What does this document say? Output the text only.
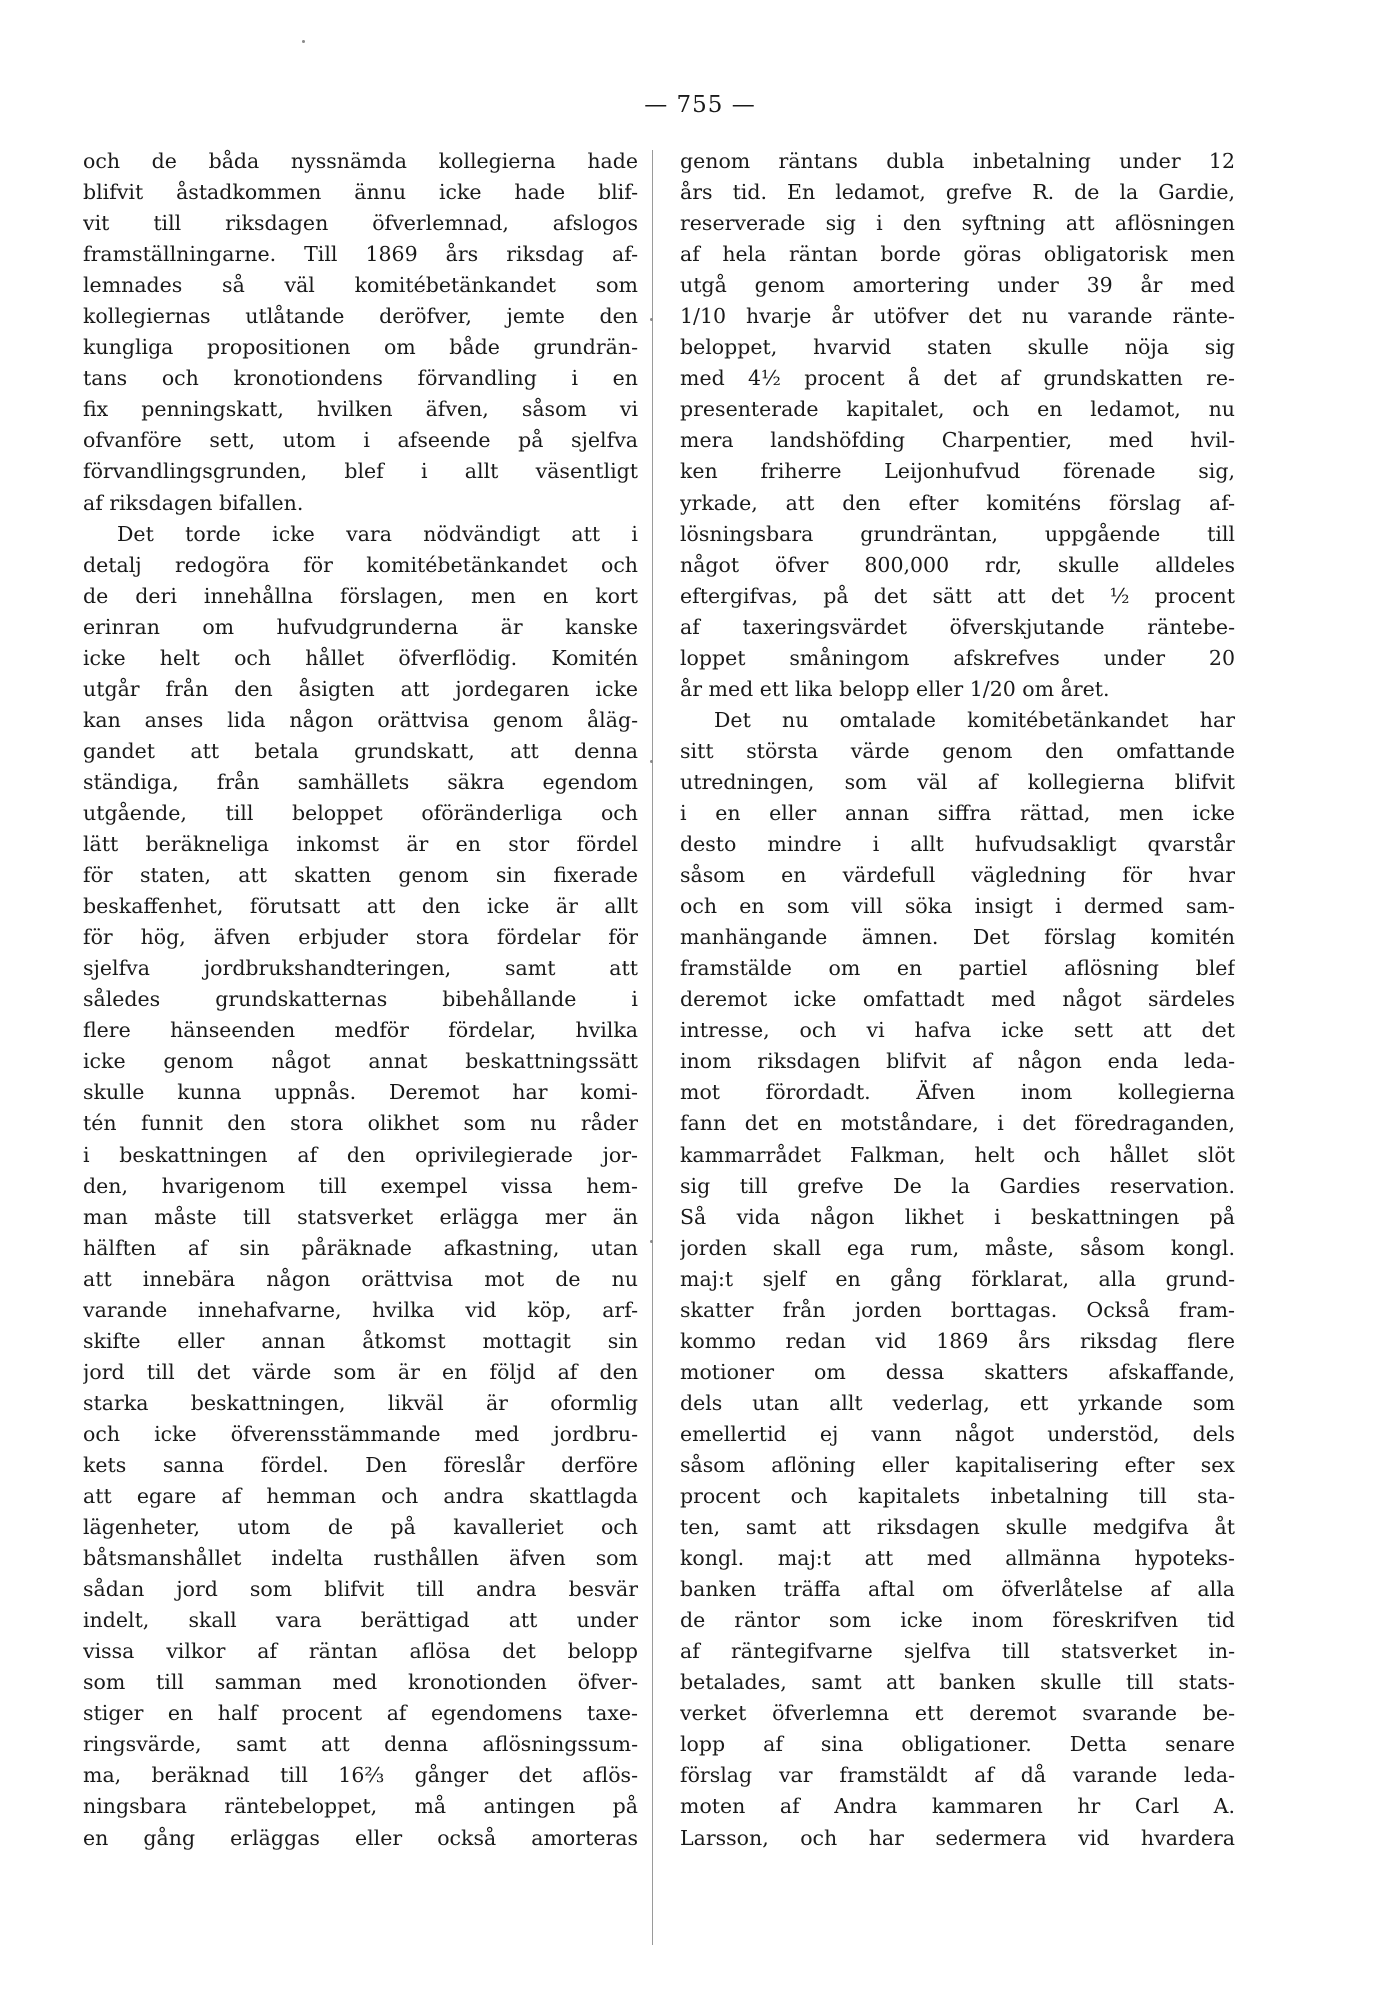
— 755 —
och de båda nyssnämda kollegierna hade
blifvit åstadkommen ännu icke hade blif-
vit till riksdagen öfverlemnad, afslogos
framställningarne. Till 1869 års riksdag af-
lemnades så väl komitébetänkandet som
kollegiernas utlåtande deröfver, jemte den
kungliga propositionen om både grundrän-
tans och kronotiondens förvandling i en
fix penningskatt, hvilken äfven, såsom vi
ofvanföre sett, utom i afseende på sjelfva
förvandlingsgrunden, blef i allt väsentligt
af riksdagen bifallen.
Det torde icke vara nödvändigt att i
detalj redogöra för komitébetänkandet och
de deri innehållna förslagen, men en kort
erinran om hufvudgrunderna är kanske
icke helt och hållet öfverflödig. Komitén
utgår från den åsigten att jordegaren icke
kan anses lida någon orättvisa genom åläg-
gandet att betala grundskatt, att denna
ständiga, från samhällets säkra egendom
utgående, till beloppet oföränderliga och
lätt beräkneliga inkomst är en stor fördel
för staten, att skatten genom sin fixerade
beskaffenhet, förutsatt att den icke är allt
för hög, äfven erbjuder stora fördelar för
sjelfva jordbrukshandteringen, samt att
således grundskatternas bibehållande i
flere hänseenden medför fördelar, hvilka
icke genom något annat beskattningssätt
skulle kunna uppnås. Deremot har komi-
tén funnit den stora olikhet som nu råder
i beskattningen af den oprivilegierade jor-
den, hvarigenom till exempel vissa hem-
man måste till statsverket erlägga mer än
hälften af sin påräknade afkastning, utan
att innebära någon orättvisa mot de nu
varande innehafvarne, hvilka vid köp, arf-
skifte eller annan åtkomst mottagit sin
jord till det värde som är en följd af den
starka beskattningen, likväl är oformlig
och icke öfverensstämmande med jordbru-
kets sanna fördel. Den föreslår derföre
att egare af hemman och andra skattlagda
lägenheter, utom de på kavalleriet och
båtsmanshållet indelta rusthållen äfven som
sådan jord som blifvit till andra besvär
indelt, skall vara berättigad att under
vissa vilkor af räntan aflösa det belopp
som till samman med kronotionden öfver-
stiger en half procent af egendomens taxe-
ringsvärde, samt att denna aflösningssum-
ma, beräknad till 16⅔ gånger det aflös-
ningsbara räntebeloppet, må antingen på
en gång erläggas eller också amorteras
genom räntans dubla inbetalning under 12
års tid. En ledamot, grefve R. de la Gardie,
reserverade sig i den syftning att aflösningen
af hela räntan borde göras obligatorisk men
utgå genom amortering under 39 år med
1/10 hvarje år utöfver det nu varande ränte-
beloppet, hvarvid staten skulle nöja sig
med 4½ procent å det af grundskatten re-
presenterade kapitalet, och en ledamot, nu
mera landshöfding Charpentier, med hvil-
ken friherre Leijonhufvud förenade sig,
yrkade, att den efter komiténs förslag af-
lösningsbara grundräntan, uppgående till
något öfver 800,000 rdr, skulle alldeles
eftergifvas, på det sätt att det ½ procent
af taxeringsvärdet öfverskjutande räntebe-
loppet småningom afskrefves under 20
år med ett lika belopp eller 1/20 om året.
Det nu omtalade komitébetänkandet har
sitt största värde genom den omfattande
utredningen, som väl af kollegierna blifvit
i en eller annan siffra rättad, men icke
desto mindre i allt hufvudsakligt qvarstår
såsom en värdefull vägledning för hvar
och en som vill söka insigt i dermed sam-
manhängande ämnen. Det förslag komitén
framstälde om en partiel aflösning blef
deremot icke omfattadt med något särdeles
intresse, och vi hafva icke sett att det
inom riksdagen blifvit af någon enda leda-
mot förordadt. Äfven inom kollegierna
fann det en motståndare, i det föredraganden,
kammarrådet Falkman, helt och hållet slöt
sig till grefve De la Gardies reservation.
Så vida någon likhet i beskattningen på
jorden skall ega rum, måste, såsom kongl.
maj:t sjelf en gång förklarat, alla grund-
skatter från jorden borttagas. Också fram-
kommo redan vid 1869 års riksdag flere
motioner om dessa skatters afskaffande,
dels utan allt vederlag, ett yrkande som
emellertid ej vann något understöd, dels
såsom aflöning eller kapitalisering efter sex
procent och kapitalets inbetalning till sta-
ten, samt att riksdagen skulle medgifva åt
kongl. maj:t att med allmänna hypoteks-
banken träffa aftal om öfverlåtelse af alla
de räntor som icke inom föreskrifven tid
af räntegifvarne sjelfva till statsverket in-
betalades, samt att banken skulle till stats-
verket öfverlemna ett deremot svarande be-
lopp af sina obligationer. Detta senare
förslag var framstäldt af då varande leda-
moten af Andra kammaren hr Carl A.
Larsson, och har sedermera vid hvardera
